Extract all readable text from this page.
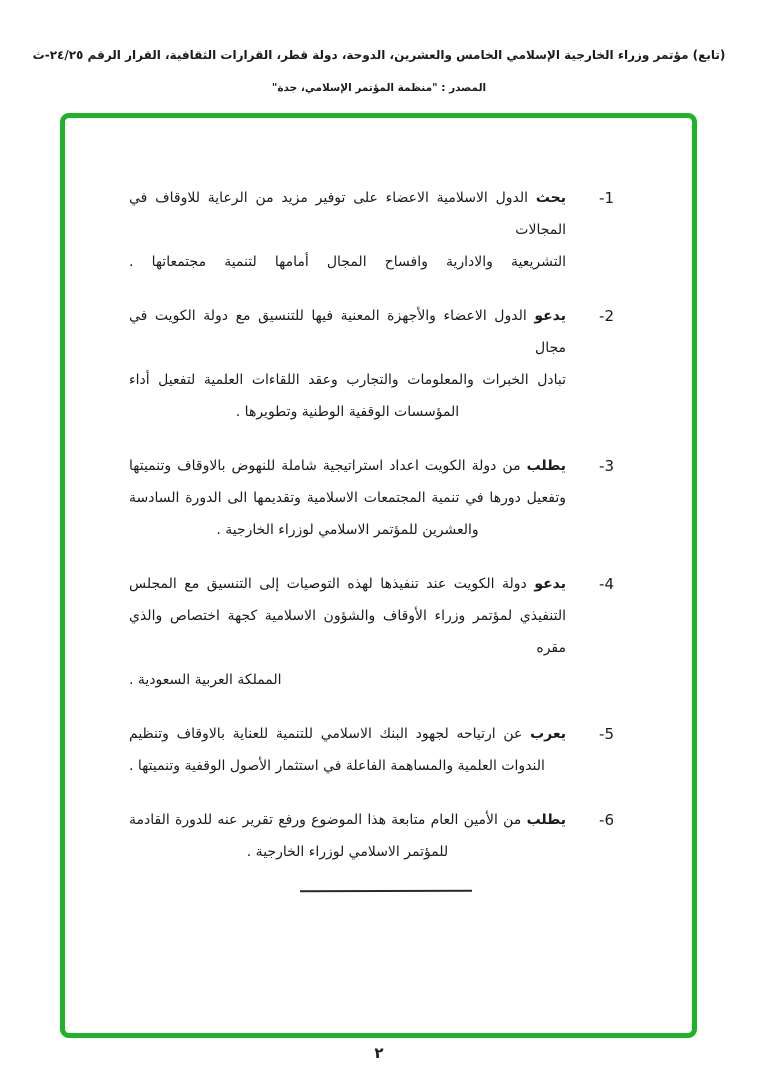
(تابع) مؤتمر وزراء الخارجية الإسلامي الخامس والعشرين، الدوحة، دولة قطر، القرارات الثقافية، القرار الرقم ٢٤/٢٥-ث
المصدر : "منظمة المؤتمر الإسلامي، جدة"
-1
يحث الدول الاسلامية الاعضاء على توفير مزيد من الرعاية للاوقاف في المجالات
التشريعية والادارية وافساح المجال أمامها لتنمية مجتمعاتها .
-2
يدعو الدول الاعضاء والأجهزة المعنية فيها للتنسيق مع دولة الكويت في مجال
تبادل الخبرات والمعلومات والتجارب وعقد اللقاءات العلمية لتفعيل أداء
المؤسسات الوقفية الوطنية وتطويرها .
-3
يطلب من دولة الكويت اعداد استراتيجية شاملة للنهوض بالاوقاف وتنميتها
وتفعيل دورها في تنمية المجتمعات الاسلامية وتقديمها الى الدورة السادسة
والعشرين للمؤتمر الاسلامي لوزراء الخارجية .
-4
يدعو دولة الكويت عند تنفيذها لهذه التوصيات إلى التنسيق مع المجلس
التنفيذي لمؤتمر وزراء الأوقاف والشؤون الاسلامية كجهة اختصاص والذي مقره
المملكة العربية السعودية .
-5
يعرب عن ارتياحه لجهود البنك الاسلامي للتنمية للعناية بالاوقاف وتنظيم
الندوات العلمية والمساهمة الفاعلة في استثمار الأصول الوقفية وتنميتها .
-6
يطلب من الأمين العام متابعة هذا الموضوع ورفع تقرير عنه للدورة القادمة
للمؤتمر الاسلامي لوزراء الخارجية .
٢
